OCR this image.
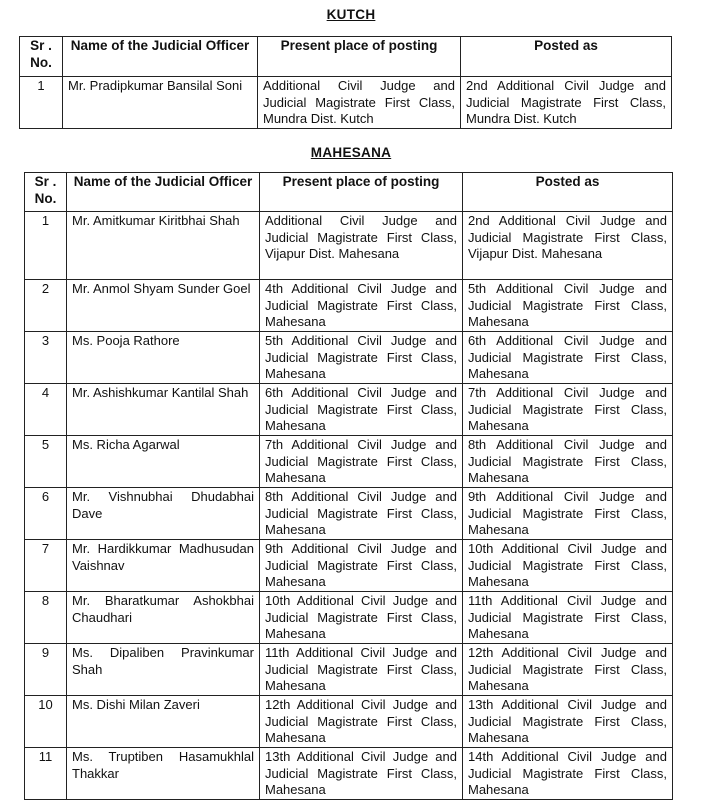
KUTCH
Sr . No.	Name of the Judicial Officer	Present place of posting	Posted as
1	Mr. Pradipkumar Bansilal Soni	Additional Civil Judge and Judicial Magistrate First Class, Mundra Dist. Kutch	2nd Additional Civil Judge and Judicial Magistrate First Class, Mundra Dist. Kutch
MAHESANA
Sr . No.	Name of the Judicial Officer	Present place of posting	Posted as
1	Mr. Amitkumar Kiritbhai Shah	Additional Civil Judge and Judicial Magistrate First Class, Vijapur Dist. Mahesana	2nd Additional Civil Judge and Judicial Magistrate First Class, Vijapur Dist. Mahesana
2	Mr. Anmol Shyam Sunder Goel	4th Additional Civil Judge and Judicial Magistrate First Class, Mahesana	5th Additional Civil Judge and Judicial Magistrate First Class, Mahesana
3	Ms. Pooja Rathore	5th Additional Civil Judge and Judicial Magistrate First Class, Mahesana	6th Additional Civil Judge and Judicial Magistrate First Class, Mahesana
4	Mr. Ashishkumar Kantilal Shah	6th Additional Civil Judge and Judicial Magistrate First Class, Mahesana	7th Additional Civil Judge and Judicial Magistrate First Class, Mahesana
5	Ms. Richa Agarwal	7th Additional Civil Judge and Judicial Magistrate First Class, Mahesana	8th Additional Civil Judge and Judicial Magistrate First Class, Mahesana
6	Mr. Vishnubhai Dhudabhai Dave	8th Additional Civil Judge and Judicial Magistrate First Class, Mahesana	9th Additional Civil Judge and Judicial Magistrate First Class, Mahesana
7	Mr. Hardikkumar Madhusudan Vaishnav	9th Additional Civil Judge and Judicial Magistrate First Class, Mahesana	10th Additional Civil Judge and Judicial Magistrate First Class, Mahesana
8	Mr. Bharatkumar Ashokbhai Chaudhari	10th Additional Civil Judge and Judicial Magistrate First Class, Mahesana	11th Additional Civil Judge and Judicial Magistrate First Class, Mahesana
9	Ms. Dipaliben Pravinkumar Shah	11th Additional Civil Judge and Judicial Magistrate First Class, Mahesana	12th Additional Civil Judge and Judicial Magistrate First Class, Mahesana
10	Ms. Dishi Milan Zaveri	12th Additional Civil Judge and Judicial Magistrate First Class, Mahesana	13th Additional Civil Judge and Judicial Magistrate First Class, Mahesana
11	Ms. Truptiben Hasamukhlal Thakkar	13th Additional Civil Judge and Judicial Magistrate First Class, Mahesana	14th Additional Civil Judge and Judicial Magistrate First Class, Mahesana
